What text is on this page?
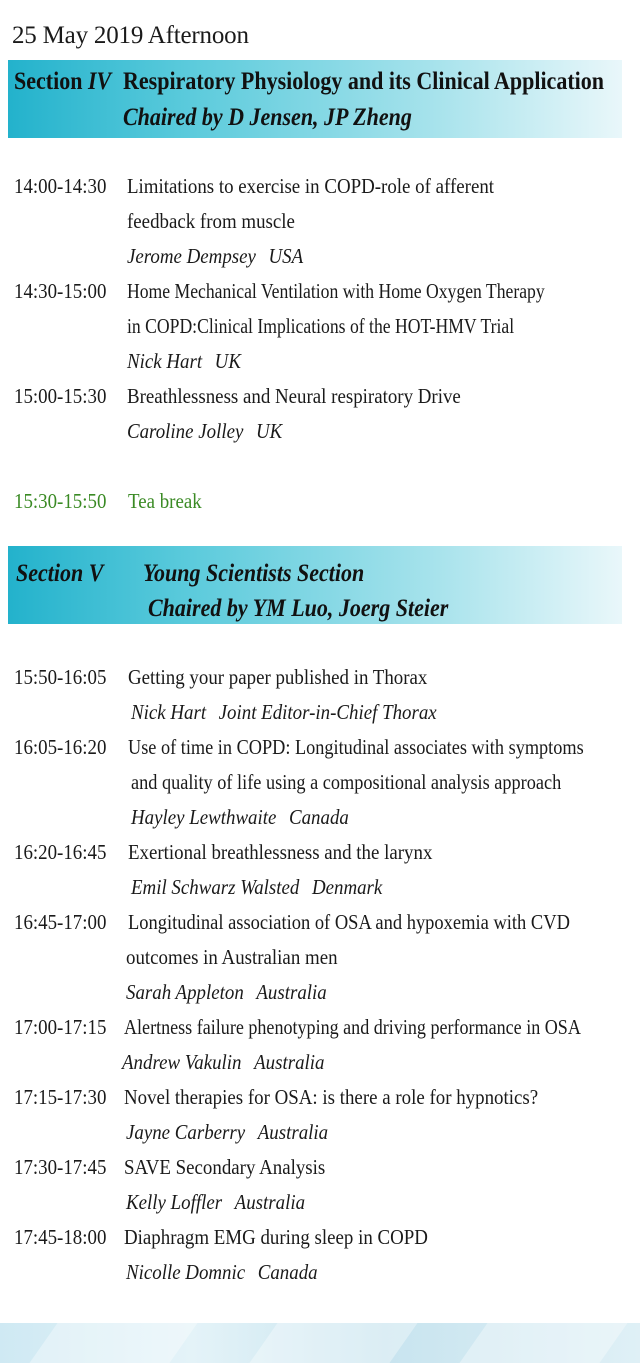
25 May 2019 Afternoon
Section IV Respiratory Physiology and its Clinical Application
Chaired by D Jensen, JP Zheng
14:00-14:30 Limitations to exercise in COPD-role of afferent
feedback from muscle
Jerome Dempsey USA
14:30-15:00 Home Mechanical Ventilation with Home Oxygen Therapy
in COPD:Clinical Implications of the HOT-HMV Trial
Nick Hart UK
15:00-15:30 Breathlessness and Neural respiratory Drive
Caroline Jolley UK
15:30-15:50 Tea break
Section V Young Scientists Section
Chaired by YM Luo, Joerg Steier
15:50-16:05 Getting your paper published in Thorax
Nick Hart Joint Editor-in-Chief Thorax
16:05-16:20 Use of time in COPD: Longitudinal associates with symptoms
and quality of life using a compositional analysis approach
Hayley Lewthwaite Canada
16:20-16:45 Exertional breathlessness and the larynx
Emil Schwarz Walsted Denmark
16:45-17:00 Longitudinal association of OSA and hypoxemia with CVD
outcomes in Australian men
Sarah Appleton Australia
17:00-17:15 Alertness failure phenotyping and driving performance in OSA
Andrew Vakulin Australia
17:15-17:30 Novel therapies for OSA: is there a role for hypnotics?
Jayne Carberry Australia
17:30-17:45 SAVE Secondary Analysis
Kelly Loffler Australia
17:45-18:00 Diaphragm EMG during sleep in COPD
Nicolle Domnic Canada
